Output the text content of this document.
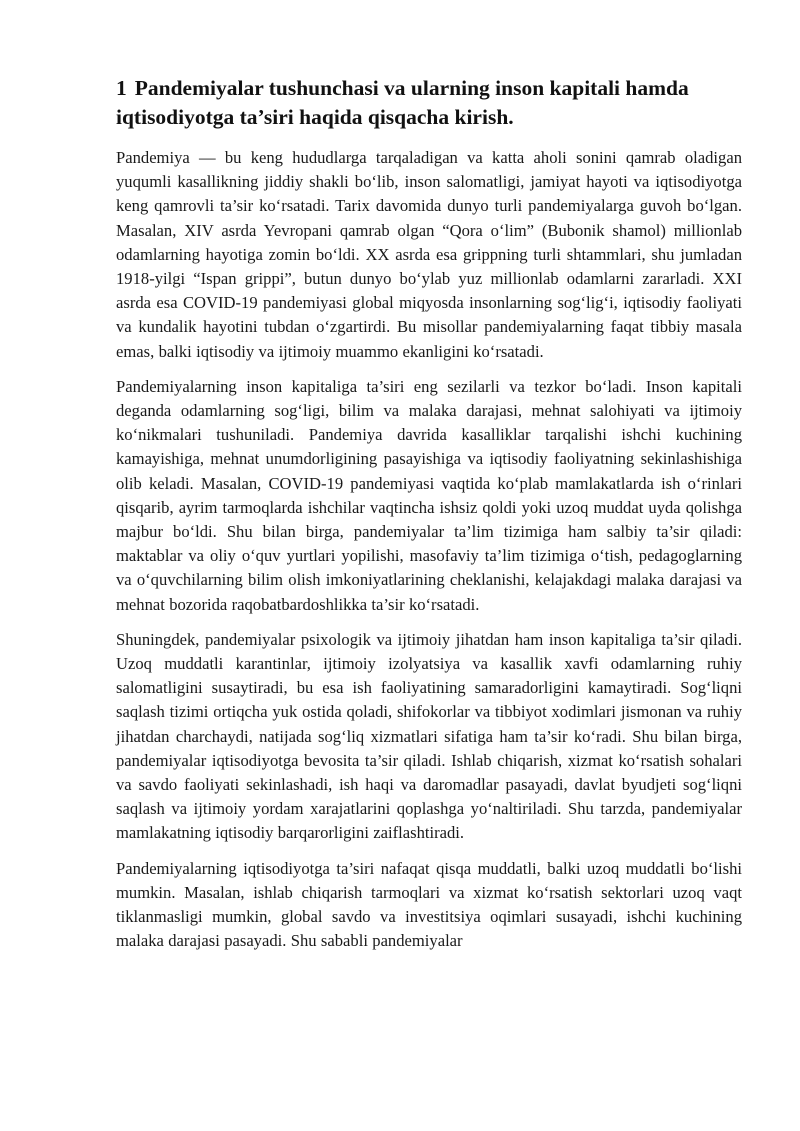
1 Pandemiyalar tushunchasi va ularning inson kapitali hamda iqtisodiyotga ta’siri haqida qisqacha kirish.

Pandemiya — bu keng hududlarga tarqaladigan va katta aholi sonini qamrab oladigan yuqumli kasallikning jiddiy shakli bo‘lib, inson salomatligi, jamiyat hayoti va iqtisodiyotga keng qamrovli ta’sir ko‘rsatadi. Tarix davomida dunyo turli pandemiyalarga guvoh bo‘lgan. Masalan, XIV asrda Yevropani qamrab olgan “Qora o‘lim” (Bubonik shamol) millionlab odamlarning hayotiga zomin bo‘ldi. XX asrda esa grippning turli shtammlari, shu jumladan 1918-yilgi “Ispan grippi”, butun dunyo bo‘ylab yuz millionlab odamlarni zararladi. XXI asrda esa COVID-19 pandemiyasi global miqyosda insonlarning sog‘lig‘i, iqtisodiy faoliyati va kundalik hayotini tubdan o‘zgartirdi. Bu misollar pandemiyalarning faqat tibbiy masala emas, balki iqtisodiy va ijtimoiy muammo ekanligini ko‘rsatadi.

Pandemiyalarning inson kapitaliga ta’siri eng sezilarli va tezkor bo‘ladi. Inson kapitali deganda odamlarning sog‘ligi, bilim va malaka darajasi, mehnat salohiyati va ijtimoiy ko‘nikmalari tushuniladi. Pandemiya davrida kasalliklar tarqalishi ishchi kuchining kamayishiga, mehnat unumdorligining pasayishiga va iqtisodiy faoliyatning sekinlashishiga olib keladi. Masalan, COVID-19 pandemiyasi vaqtida ko‘plab mamlakatlarda ish o‘rinlari qisqarib, ayrim tarmoqlarda ishchilar vaqtincha ishsiz qoldi yoki uzoq muddat uyda qolishga majbur bo‘ldi. Shu bilan birga, pandemiyalar ta’lim tizimiga ham salbiy ta’sir qiladi: maktablar va oliy o‘quv yurtlari yopilishi, masofaviy ta’lim tizimiga o‘tish, pedagoglarning va o‘quvchilarning bilim olish imkoniyatlarining cheklanishi, kelajakdagi malaka darajasi va mehnat bozorida raqobatbardoshlikka ta’sir ko‘rsatadi.

Shuningdek, pandemiyalar psixologik va ijtimoiy jihatdan ham inson kapitaliga ta’sir qiladi. Uzoq muddatli karantinlar, ijtimoiy izolyatsiya va kasallik xavfi odamlarning ruhiy salomatligini susaytiradi, bu esa ish faoliyatining samaradorligini kamaytiradi. Sog‘liqni saqlash tizimi ortiqcha yuk ostida qoladi, shifokorlar va tibbiyot xodimlari jismonan va ruhiy jihatdan charchaydi, natijada sog‘liq xizmatlari sifatiga ham ta’sir ko‘radi. Shu bilan birga, pandemiyalar iqtisodiyotga bevosita ta’sir qiladi. Ishlab chiqarish, xizmat ko‘rsatish sohalari va savdo faoliyati sekinlashadi, ish haqi va daromadlar pasayadi, davlat byudjeti sog‘liqni saqlash va ijtimoiy yordam xarajatlarini qoplashga yo‘naltiriladi. Shu tarzda, pandemiyalar mamlakatning iqtisodiy barqarorligini zaiflashtiradi.

Pandemiyalarning iqtisodiyotga ta’siri nafaqat qisqa muddatli, balki uzoq muddatli bo‘lishi mumkin. Masalan, ishlab chiqarish tarmoqlari va xizmat ko‘rsatish sektorlari uzoq vaqt tiklanmasligi mumkin, global savdo va investitsiya oqimlari susayadi, ishchi kuchining malaka darajasi pasayadi. Shu sababli pandemiyalar
